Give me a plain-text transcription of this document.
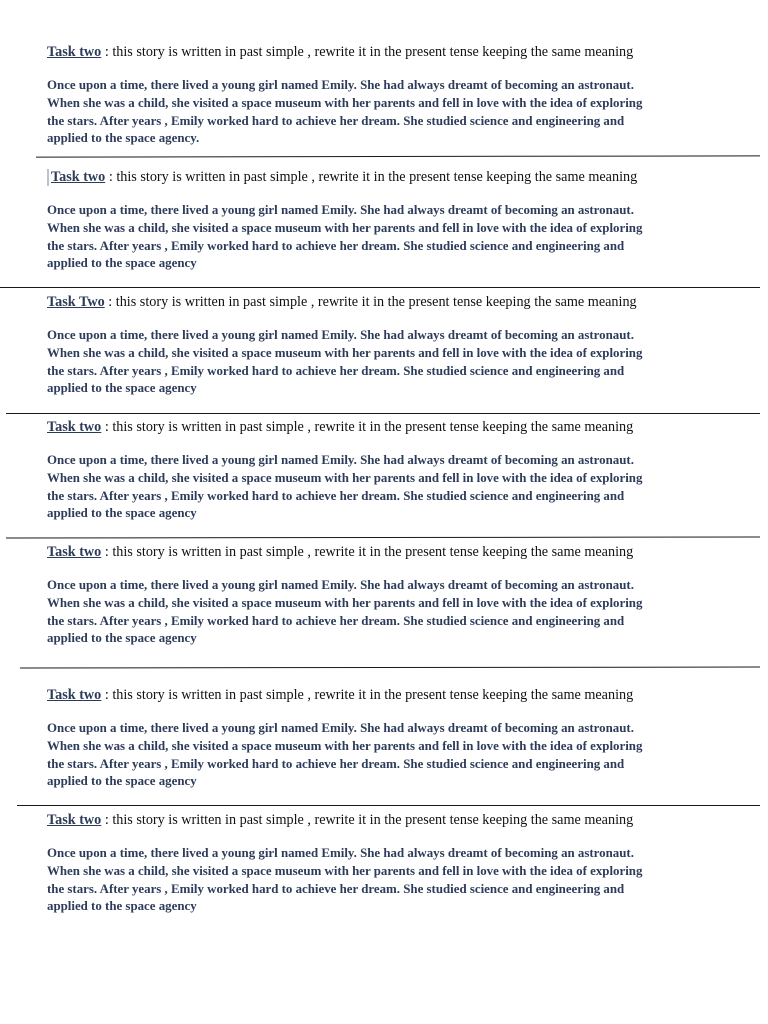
Task two : this story is written in past simple , rewrite it in the present tense keeping the same meaning

Once upon a time, there lived a young girl named Emily. She had always dreamt of becoming an astronaut.

When she was a child, she visited a space museum with her parents and fell in love with the idea of exploring

the stars. After years , Emily worked hard to achieve her dream. She studied science and engineering and

applied to the space agency.

Task two : this story is written in past simple , rewrite it in the present tense keeping the same meaning

Once upon a time, there lived a young girl named Emily. She had always dreamt of becoming an astronaut.

When she was a child, she visited a space museum with her parents and fell in love with the idea of exploring

the stars. After years , Emily worked hard to achieve her dream. She studied science and engineering and

applied to the space agency

Task Two : this story is written in past simple , rewrite it in the present tense keeping the same meaning

Once upon a time, there lived a young girl named Emily. She had always dreamt of becoming an astronaut.

When she was a child, she visited a space museum with her parents and fell in love with the idea of exploring

the stars. After years , Emily worked hard to achieve her dream. She studied science and engineering and

applied to the space agency

Task two : this story is written in past simple , rewrite it in the present tense keeping the same meaning

Once upon a time, there lived a young girl named Emily. She had always dreamt of becoming an astronaut.

When she was a child, she visited a space museum with her parents and fell in love with the idea of exploring

the stars. After years , Emily worked hard to achieve her dream. She studied science and engineering and

applied to the space agency

Task two : this story is written in past simple , rewrite it in the present tense keeping the same meaning

Once upon a time, there lived a young girl named Emily. She had always dreamt of becoming an astronaut.

When she was a child, she visited a space museum with her parents and fell in love with the idea of exploring

the stars. After years , Emily worked hard to achieve her dream. She studied science and engineering and

applied to the space agency

Task two : this story is written in past simple , rewrite it in the present tense keeping the same meaning

Once upon a time, there lived a young girl named Emily. She had always dreamt of becoming an astronaut.

When she was a child, she visited a space museum with her parents and fell in love with the idea of exploring

the stars. After years , Emily worked hard to achieve her dream. She studied science and engineering and

applied to the space agency

Task two : this story is written in past simple , rewrite it in the present tense keeping the same meaning

Once upon a time, there lived a young girl named Emily. She had always dreamt of becoming an astronaut.

When she was a child, she visited a space museum with her parents and fell in love with the idea of exploring

the stars. After years , Emily worked hard to achieve her dream. She studied science and engineering and

applied to the space agency
